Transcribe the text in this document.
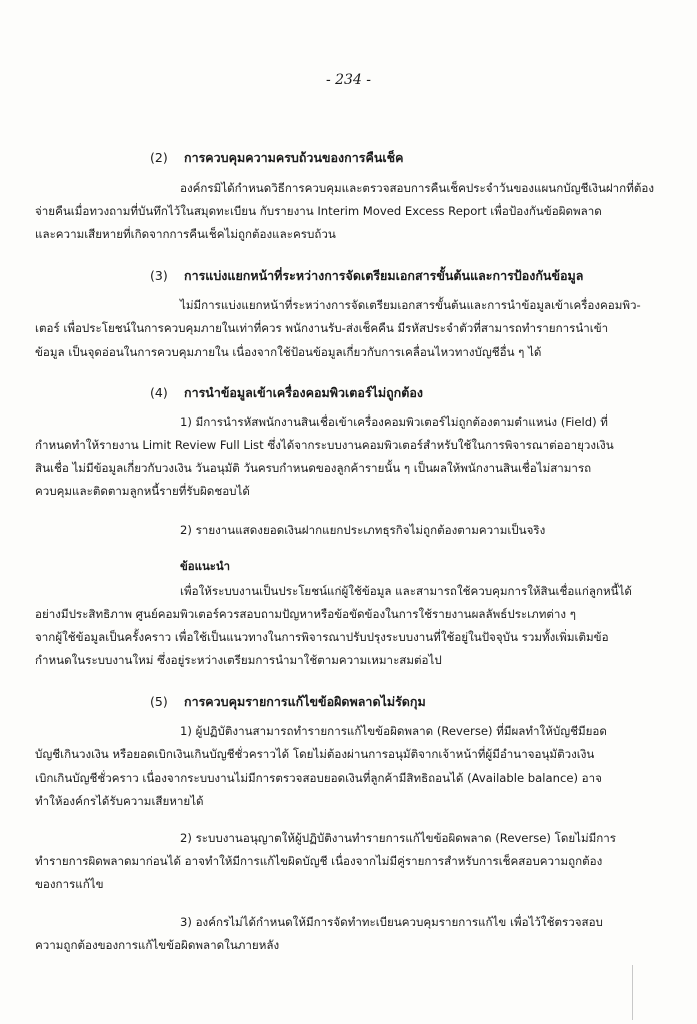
- 234 -
(2) การควบคุมความครบถ้วนของการคืนเช็ค
องค์กรมิได้กำหนดวิธีการควบคุมและตรวจสอบการคืนเช็คประจำวันของแผนกบัญชีเงินฝากที่ต้อง
จ่ายคืนเมื่อทวงถามที่บันทึกไว้ในสมุดทะเบียน กับรายงาน Interim Moved Excess Report เพื่อป้องกันข้อผิดพลาด
และความเสียหายที่เกิดจากการคืนเช็คไม่ถูกต้องและครบถ้วน
(3) การแบ่งแยกหน้าที่ระหว่างการจัดเตรียมเอกสารขั้นต้นและการป้องกันข้อมูล
ไม่มีการแบ่งแยกหน้าที่ระหว่างการจัดเตรียมเอกสารขั้นต้นและการนำข้อมูลเข้าเครื่องคอมพิว-
เตอร์ เพื่อประโยชน์ในการควบคุมภายในเท่าที่ควร พนักงานรับ-ส่งเช็คคืน มีรหัสประจำตัวที่สามารถทำรายการนำเข้า
ข้อมูล เป็นจุดอ่อนในการควบคุมภายใน เนื่องจากใช้ป้อนข้อมูลเกี่ยวกับการเคลื่อนไหวทางบัญชีอื่น ๆ ได้
(4) การนำข้อมูลเข้าเครื่องคอมพิวเตอร์ไม่ถูกต้อง
1) มีการนำรหัสพนักงานสินเชื่อเข้าเครื่องคอมพิวเตอร์ไม่ถูกต้องตามตำแหน่ง (Field) ที่
กำหนดทำให้รายงาน Limit Review Full List ซึ่งได้จากระบบงานคอมพิวเตอร์สำหรับใช้ในการพิจารณาต่ออายุวงเงิน
สินเชื่อ ไม่มีข้อมูลเกี่ยวกับวงเงิน วันอนุมัติ วันครบกำหนดของลูกค้ารายนั้น ๆ เป็นผลให้พนักงานสินเชื่อไม่สามารถ
ควบคุมและติดตามลูกหนี้รายที่รับผิดชอบได้
2) รายงานแสดงยอดเงินฝากแยกประเภทธุรกิจไม่ถูกต้องตามความเป็นจริง
ข้อแนะนำ
เพื่อให้ระบบงานเป็นประโยชน์แก่ผู้ใช้ข้อมูล และสามารถใช้ควบคุมการให้สินเชื่อแก่ลูกหนี้ได้
อย่างมีประสิทธิภาพ ศูนย์คอมพิวเตอร์ควรสอบถามปัญหาหรือข้อขัดข้องในการใช้รายงานผลลัพธ์ประเภทต่าง ๆ
จากผู้ใช้ข้อมูลเป็นครั้งคราว เพื่อใช้เป็นแนวทางในการพิจารณาปรับปรุงระบบงานที่ใช้อยู่ในปัจจุบัน รวมทั้งเพิ่มเติมข้อ
กำหนดในระบบงานใหม่ ซึ่งอยู่ระหว่างเตรียมการนำมาใช้ตามความเหมาะสมต่อไป
(5) การควบคุมรายการแก้ไขข้อผิดพลาดไม่รัดกุม
1) ผู้ปฏิบัติงานสามารถทำรายการแก้ไขข้อผิดพลาด (Reverse) ที่มีผลทำให้บัญชีมียอด
บัญชีเกินวงเงิน หรือยอดเบิกเงินเกินบัญชีชั่วคราวได้ โดยไม่ต้องผ่านการอนุมัติจากเจ้าหน้าที่ผู้มีอำนาจอนุมัติวงเงิน
เบิกเกินบัญชีชั่วคราว เนื่องจากระบบงานไม่มีการตรวจสอบยอดเงินที่ลูกค้ามีสิทธิถอนได้ (Available balance) อาจ
ทำให้องค์กรได้รับความเสียหายได้
2) ระบบงานอนุญาตให้ผู้ปฏิบัติงานทำรายการแก้ไขข้อผิดพลาด (Reverse) โดยไม่มีการ
ทำรายการผิดพลาดมาก่อนได้ อาจทำให้มีการแก้ไขผิดบัญชี เนื่องจากไม่มีคู่รายการสำหรับการเช็คสอบความถูกต้อง
ของการแก้ไข
3) องค์กรไม่ได้กำหนดให้มีการจัดทำทะเบียนควบคุมรายการแก้ไข เพื่อไว้ใช้ตรวจสอบ
ความถูกต้องของการแก้ไขข้อผิดพลาดในภายหลัง
